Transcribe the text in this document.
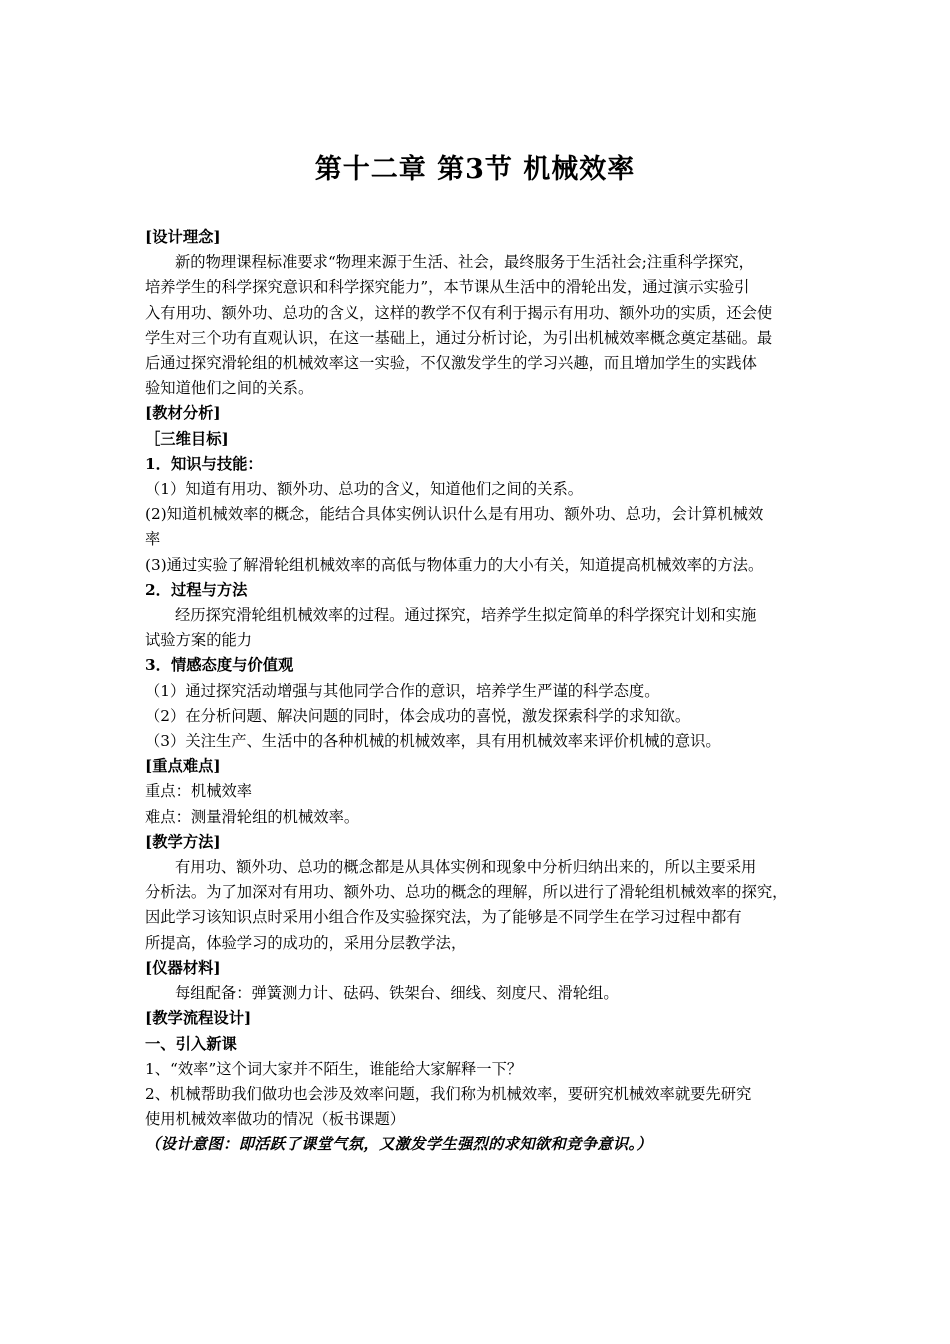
第十二章 第3节 机械效率

[设计理念]

新的物理课程标准要求“物理来源于生活、社会，最终服务于生活社会;注重科学探究，

培养学生的科学探究意识和科学探究能力”，本节课从生活中的滑轮出发，通过演示实验引

入有用功、额外功、总功的含义，这样的教学不仅有利于揭示有用功、额外功的实质，还会使

学生对三个功有直观认识，在这一基础上，通过分析讨论，为引出机械效率概念奠定基础。最

后通过探究滑轮组的机械效率这一实验，不仅激发学生的学习兴趣，而且增加学生的实践体

验知道他们之间的关系。

[教材分析]

［三维目标]

1．知识与技能：

（1）知道有用功、额外功、总功的含义，知道他们之间的关系。

(2)知道机械效率的概念，能结合具体实例认识什么是有用功、额外功、总功，会计算机械效

率

(3)通过实验了解滑轮组机械效率的高低与物体重力的大小有关，知道提高机械效率的方法。

2．过程与方法

经历探究滑轮组机械效率的过程。通过探究，培养学生拟定简单的科学探究计划和实施

试验方案的能力

3．情感态度与价值观

（1）通过探究活动增强与其他同学合作的意识，培养学生严谨的科学态度。

（2）在分析问题、解决问题的同时，体会成功的喜悦，激发探索科学的求知欲。

（3）关注生产、生活中的各种机械的机械效率，具有用机械效率来评价机械的意识。

[重点难点]

重点：机械效率

难点：测量滑轮组的机械效率。

[教学方法]

有用功、额外功、总功的概念都是从具体实例和现象中分析归纳出来的，所以主要采用

分析法。为了加深对有用功、额外功、总功的概念的理解，所以进行了滑轮组机械效率的探究，

因此学习该知识点时采用小组合作及实验探究法，为了能够是不同学生在学习过程中都有

所提高，体验学习的成功的，采用分层教学法，

[仪器材料]

每组配备：弹簧测力计、砝码、铁架台、细线、刻度尺、滑轮组。

[教学流程设计]

一、引入新课

1、“效率”这个词大家并不陌生，谁能给大家解释一下？

2、机械帮助我们做功也会涉及效率问题，我们称为机械效率，要研究机械效率就要先研究

使用机械效率做功的情况（板书课题）

（设计意图：即活跃了课堂气氛，又激发学生强烈的求知欲和竞争意识。）
